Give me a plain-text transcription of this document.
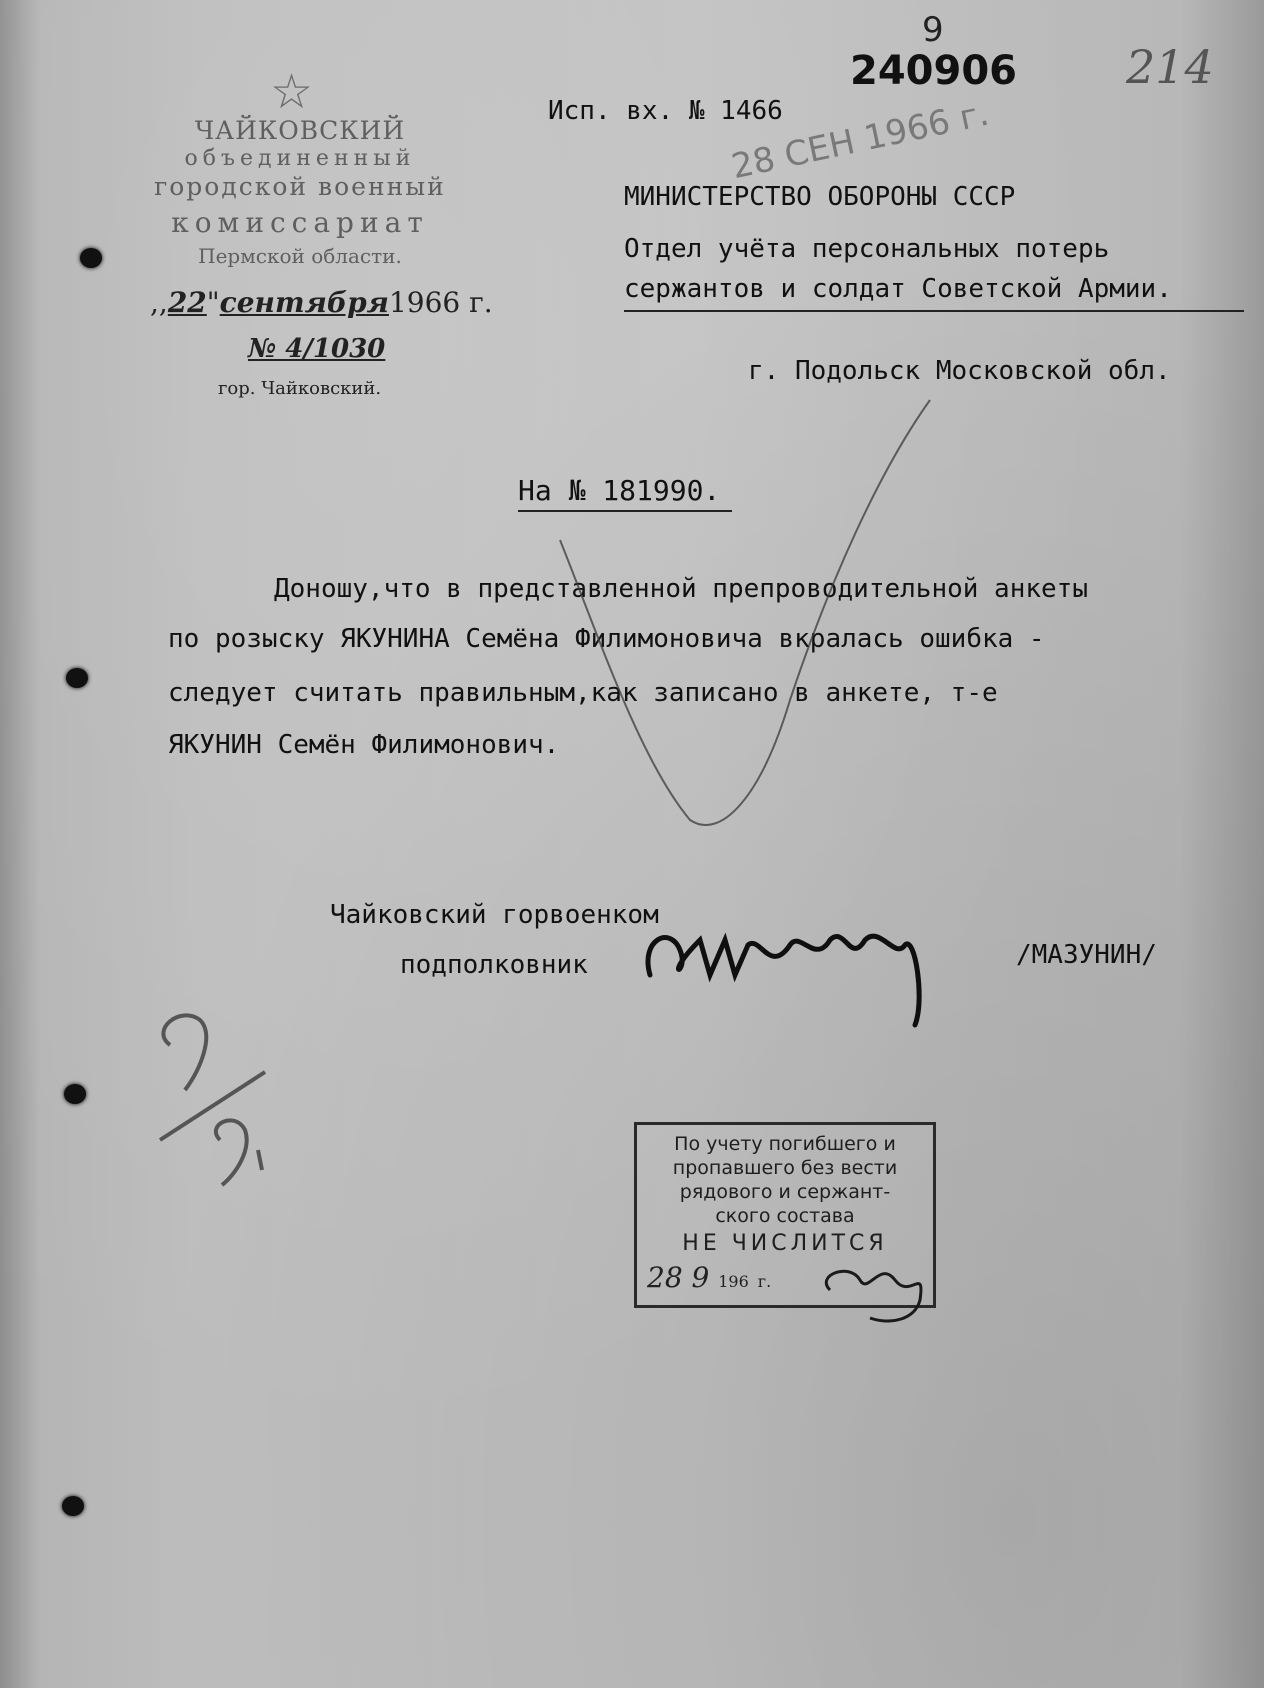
☆
ЧАЙКОВСКИЙ
объединенный
городской военный
комиссариат
Пермской области.
,,22"сентября1966 г.
№ 4/1030
гор. Чайковский.
9
240906 214
Исп. вх. № 1466
28 СЕН 1966 г.
МИНИСТЕРСТВО ОБОРОНЫ СССР
Отдел учёта персональных потерь
сержантов и солдат Советской Армии.
г. Подольск Московской обл.
На № 181990.
Доношу,что в представленной препроводительной анкеты
по розыску ЯКУНИНА Семёна Филимоновича вкралась ошибка -
следует считать правильным,как записано в анкете, т-е
ЯКУНИН Семён Филимонович.
Чайковский горвоенком
подполковник	/МАЗУНИН/
По учету погибшего и
пропавшего без вести
рядового и сержант-
ского состава
НЕ ЧИСЛИТСЯ
28 9 196 г.
